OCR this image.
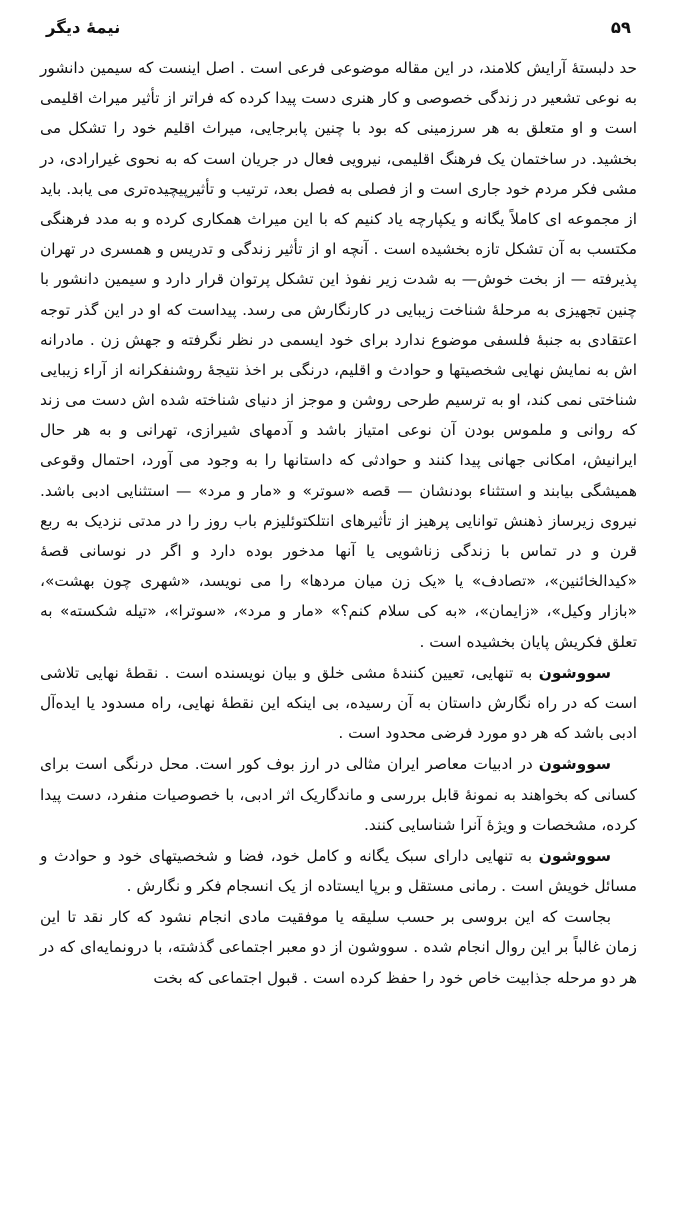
نیمهٔ دیگر	۵۹

حد دلبستهٔ آرایش کلامند، در این مقاله موضوعی فرعی است . اصل اینست که سیمین دانشور به نوعی تشعیر در زندگی خصوصی و کار هنری دست پیدا کرده که فراتر از تأثیر میراث اقلیمی است و او متعلق به هر سرزمینی که بود با چنین پابرجایی، میراث اقلیم خود را تشکل می بخشید. در ساختمان یک فرهنگ اقلیمی، نیرویی فعال در جریان است که به نحوی غیرارادی، در مشی فکر مردم خود جاری است و از فصلی به فصل بعد، ترتیب و تأثیرپیچیده‌تری می یابد. باید از مجموعه ای کاملاً یگانه و یکپارچه یاد کنیم که با این میراث همکاری کرده و به مدد فرهنگی مکتسب به آن تشکل تازه بخشیده است . آنچه او از تأثیر زندگی و تدریس و همسری در تهران پذیرفته — از بخت خوش— به شدت زیر نفوذ این تشکل پرتوان قرار دارد و سیمین دانشور با چنین تجهیزی به مرحلهٔ شناخت زیبایی در کارنگارش می رسد. پیداست که او در این گذر توجه اعتقادی به جنبهٔ فلسفی موضوع ندارد برای خود ایسمی در نظر نگرفته و جهش زن . مادرانه اش به نمایش نهایی شخصیتها و حوادث و اقلیم، درنگی بر اخذ نتیجهٔ روشنفکرانه از آراء زیبایی شناختی نمی کند، او به ترسیم طرحی روشن و موجز از دنیای شناخته شده اش دست می زند که روانی و ملموس بودن آن نوعی امتیاز باشد و آدمهای شیرازی، تهرانی و به هر حال ایرانیش، امکانی جهانی پیدا کنند و حوادثی که داستانها را به وجود می آورد، احتمال وقوعی همیشگی بیابند و استثناء بودنشان — قصه «سوتر» و «مار و مرد» — استثنایی ادبی باشد. نیروی زیرساز ذهنش توانایی پرهیز از تأثیرهای انتلکتوئلیزم باب روز را در مدتی نزدیک به ربع قرن و در تماس با زندگی زناشویی یا آنها مدخور بوده دارد و اگر در نوسانی قصهٔ «کیدالخائنین»، «تصادف» یا «یک زن میان مردها» را می نویسد، «شهری چون بهشت»، «بازار وکیل»، «زایمان»، «به کی سلام کنم؟» «مار و مرد»، «سوترا»، «تیله شکسته» به تعلق فکریش پایان بخشیده است .

سووشون به تنهایی، تعیین کنندهٔ مشی خلق و بیان نویسنده است . نقطهٔ نهایی تلاشی است که در راه نگارش داستان به آن رسیده، بی اینکه این نقطهٔ نهایی، راه مسدود یا ایده‌آل ادبی باشد که هر دو مورد فرضی محدود است .

سووشون در ادبیات معاصر ایران مثالی در ارز بوف کور است. محل درنگی است برای کسانی که بخواهند به نمونهٔ قابل بررسی و ماندگاریک اثر ادبی، با خصوصیات منفرد، دست پیدا کرده، مشخصات و ویژهٔ آنرا شناسایی کنند.

سووشون به تنهایی دارای سبک یگانه و کامل خود، فضا و شخصیتهای خود و حوادث و مسائل خویش است . رمانی مستقل و برپا ایستاده از یک انسجام فکر و نگارش .

بجاست که این بروسی بر حسب سلیقه یا موفقیت مادی انجام نشود که کار نقد تا این زمان غالباً بر این روال انجام شده . سووشون از دو معبر اجتماعی گذشته، با درونمایه‌ای که در هر دو مرحله جذابیت خاص خود را حفظ کرده است . قبول اجتماعی که بخت
